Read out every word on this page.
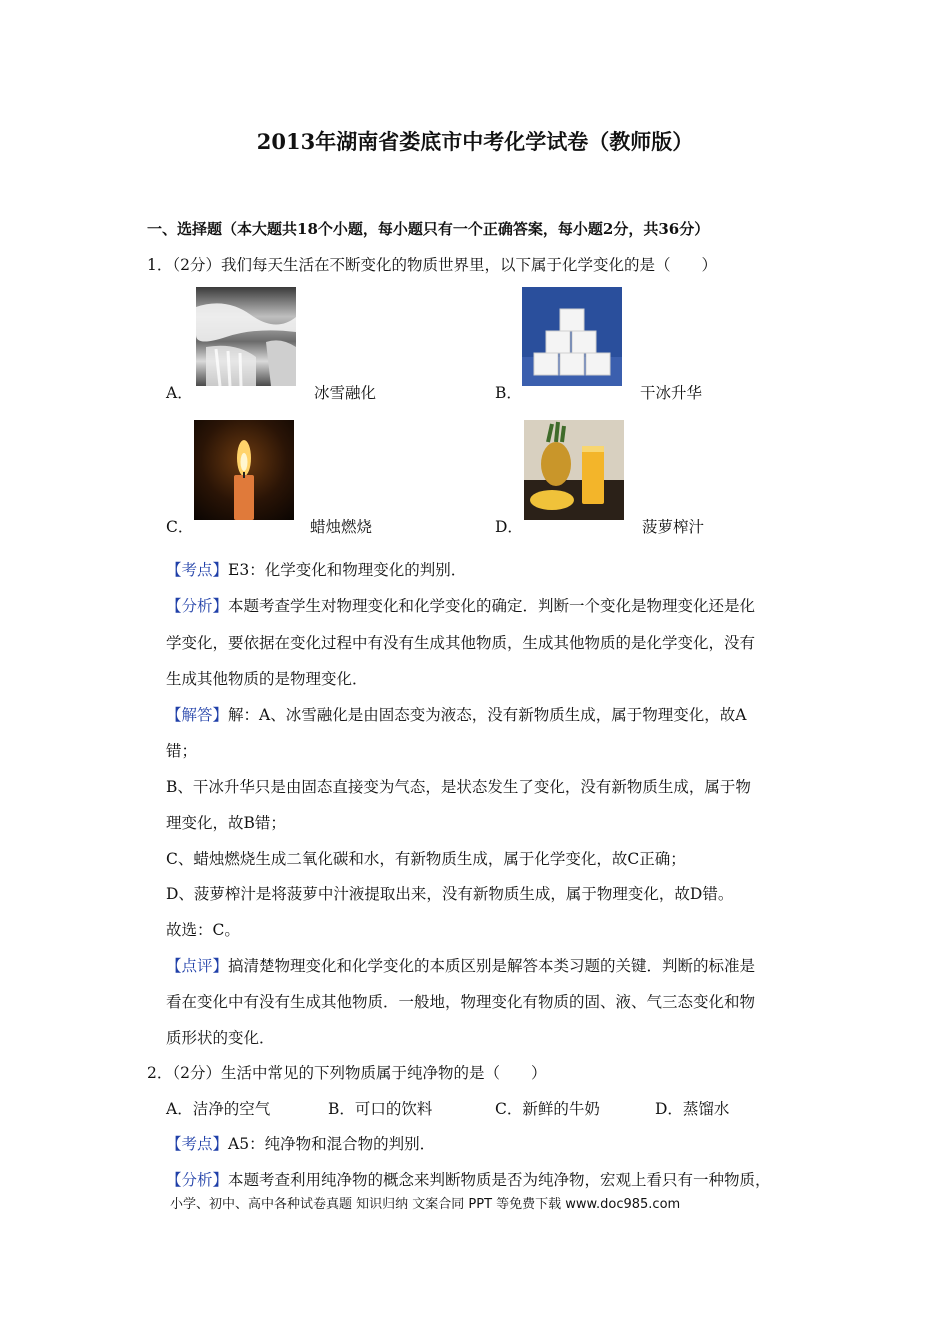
2013年湖南省娄底市中考化学试卷（教师版）
一、选择题（本大题共18个小题，每小题只有一个正确答案，每小题2分，共36分）
1．（2分）我们每天生活在不断变化的物质世界里，以下属于化学变化的是（　　）
A．	冰雪融化	B．	干冰升华
C．	蜡烛燃烧	D．	菠萝榨汁
【考点】E3：化学变化和物理变化的判别．
【分析】本题考查学生对物理变化和化学变化的确定．判断一个变化是物理变化还是化
学变化，要依据在变化过程中有没有生成其他物质，生成其他物质的是化学变化，没有
生成其他物质的是物理变化．
【解答】解：A、冰雪融化是由固态变为液态，没有新物质生成，属于物理变化，故A
错；
B、干冰升华只是由固态直接变为气态，是状态发生了变化，没有新物质生成，属于物
理变化，故B错；
C、蜡烛燃烧生成二氧化碳和水，有新物质生成，属于化学变化，故C正确；
D、菠萝榨汁是将菠萝中汁液提取出来，没有新物质生成，属于物理变化，故D错。
故选：C。
【点评】搞清楚物理变化和化学变化的本质区别是解答本类习题的关键．判断的标准是
看在变化中有没有生成其他物质．一般地，物理变化有物质的固、液、气三态变化和物
质形状的变化．
2．（2分）生活中常见的下列物质属于纯净物的是（　　）
A．洁净的空气	B．可口的饮料	C．新鲜的牛奶	D．蒸馏水
【考点】A5：纯净物和混合物的判别．
【分析】本题考查利用纯净物的概念来判断物质是否为纯净物，宏观上看只有一种物质，
小学、初中、高中各种试卷真题 知识归纳 文案合同 PPT 等免费下载 www.doc985.com
